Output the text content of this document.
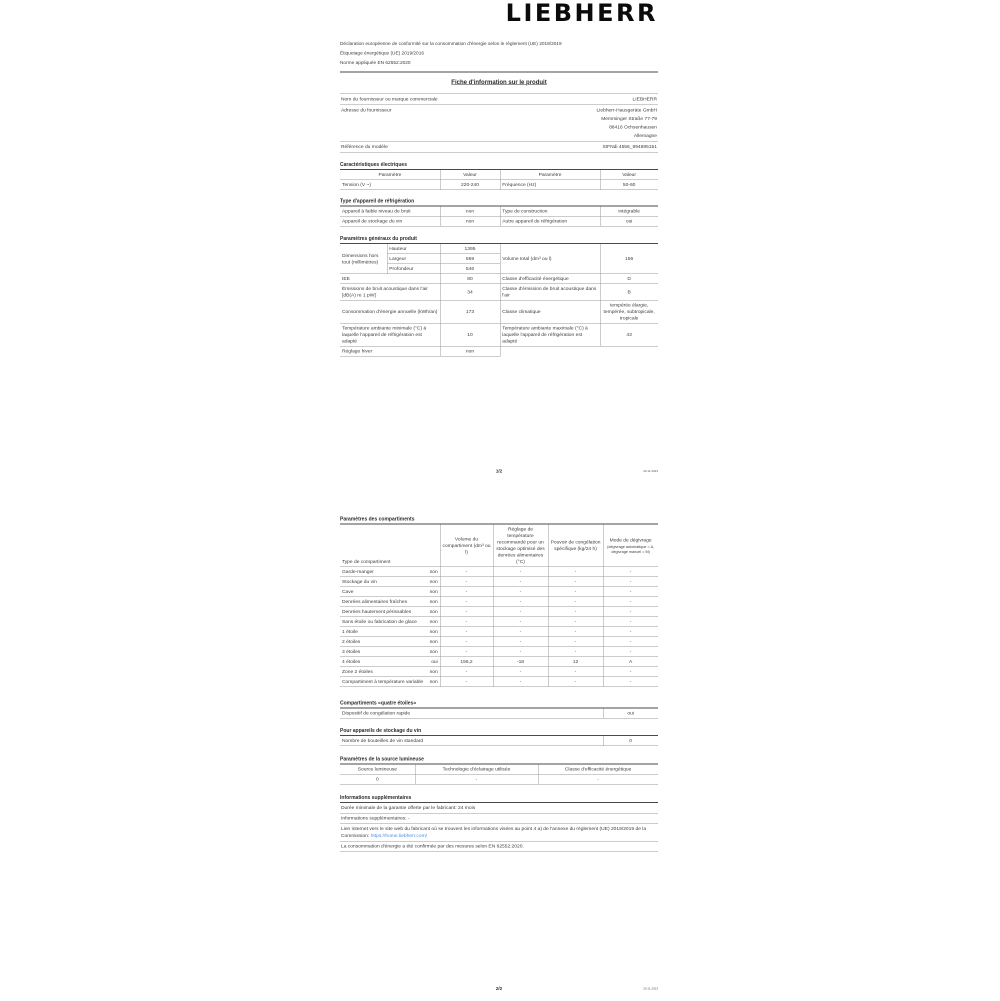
LIEBHERR
Déclaration européenne de conformité sur la consommation d'énergie selon le règlement (UE) 2019/2019
Étiquetage énergétique (UE) 2019/2016
Norme appliquée EN 62552:2020
Fiche d'information sur le produit
Nom du fournisseur ou marque commerciale	LIEBHERR
Adresse du fournisseur	Liebherr-Hausgeräte GmbH
Memminger Straße 77-79
88416 Ochsenhausen
Allemagne
Référence du modèle	SIFNdi 4556_994885151
Caractéristiques électriques
Paramètre	Valeur	Paramètre	Valeur
Tension (V ~)	220-240	Fréquence (Hz)	50-60
Type d'appareil de réfrigération
Appareil à faible niveau de bruit	non	Type de construction	intégrable
Appareil de stockage du vin	non	Autre appareil de réfrigération	oui
Paramètres généraux du produit
Dimensions hors tout (millimètres)	Hauteur	1395	Volume total (dm³ ou l)	156
	Largeur	559		
	Profondeur	546		
IEE		80	Classe d'efficacité énergétique	D
Émissions de bruit acoustique dans l'air [dB(A) re 1 pW]		34	Classe d'émission de bruit acoustique dans l'air	B
Consommation d'énergie annuelle (kWh/an)		173	Classe climatique	tempérée élargie, tempérée, subtropicale, tropicale
Température ambiante minimale (°C) à laquelle l'appareil de réfrigération est adapté		10	Température ambiante maximale (°C) à laquelle l'appareil de réfrigération est adapté	43
Réglage hiver		non		
1/2	20.11.2023
Paramètres des compartiments
Type de compartiment	Volume du compartiment (dm³ ou l)	Réglage de température recommandé pour un stockage optimisé des denrées alimentaires (°C)	Pouvoir de congélation spécifique (kg/24 h)	Mode de dégivrage
(dégivrage automatique = A, dégivrage manuel = M)

Garde-manger non	-	-	-	-

Stockage du vin non	-	-	-	-

Cave non	-	-	-	-

Denrées alimentaires fraîches non	-	-	-	-

Denrées hautement périssables non	-	-	-	-

Sans étoile ou fabrication de glace non	-	-	-	-

1 étoile non	-	-	-	-

2 étoiles non	-	-	-	-

3 étoiles non	-	-	-	-

4 étoiles oui	156,2	-18	12	A

Zone 2 étoiles non	-	-	-	-

Compartiment à température variable non	-	-	-	-
Compartiments «quatre étoiles»
Dispositif de congélation rapide	oui
Pour appareils de stockage du vin
Nombre de bouteilles de vin standard	0
Paramètres de la source lumineuse
Source lumineuse	Technologie d'éclairage utilisée	Classe d'efficacité énergétique
0	-	-
Informations supplémentaires
Durée minimale de la garantie offerte par le fabricant: 24 mois
Informations supplémentaires: -
Lien internet vers le site web du fabricant où se trouvent les informations visées au point 4 a) de l'annexe du règlement (UE) 2019/2019 de la Commission: https://home.liebherr.com/
La consommation d'énergie a été confirmée par des mesures selon EN 62552:2020.
2/2	20.11.2023
